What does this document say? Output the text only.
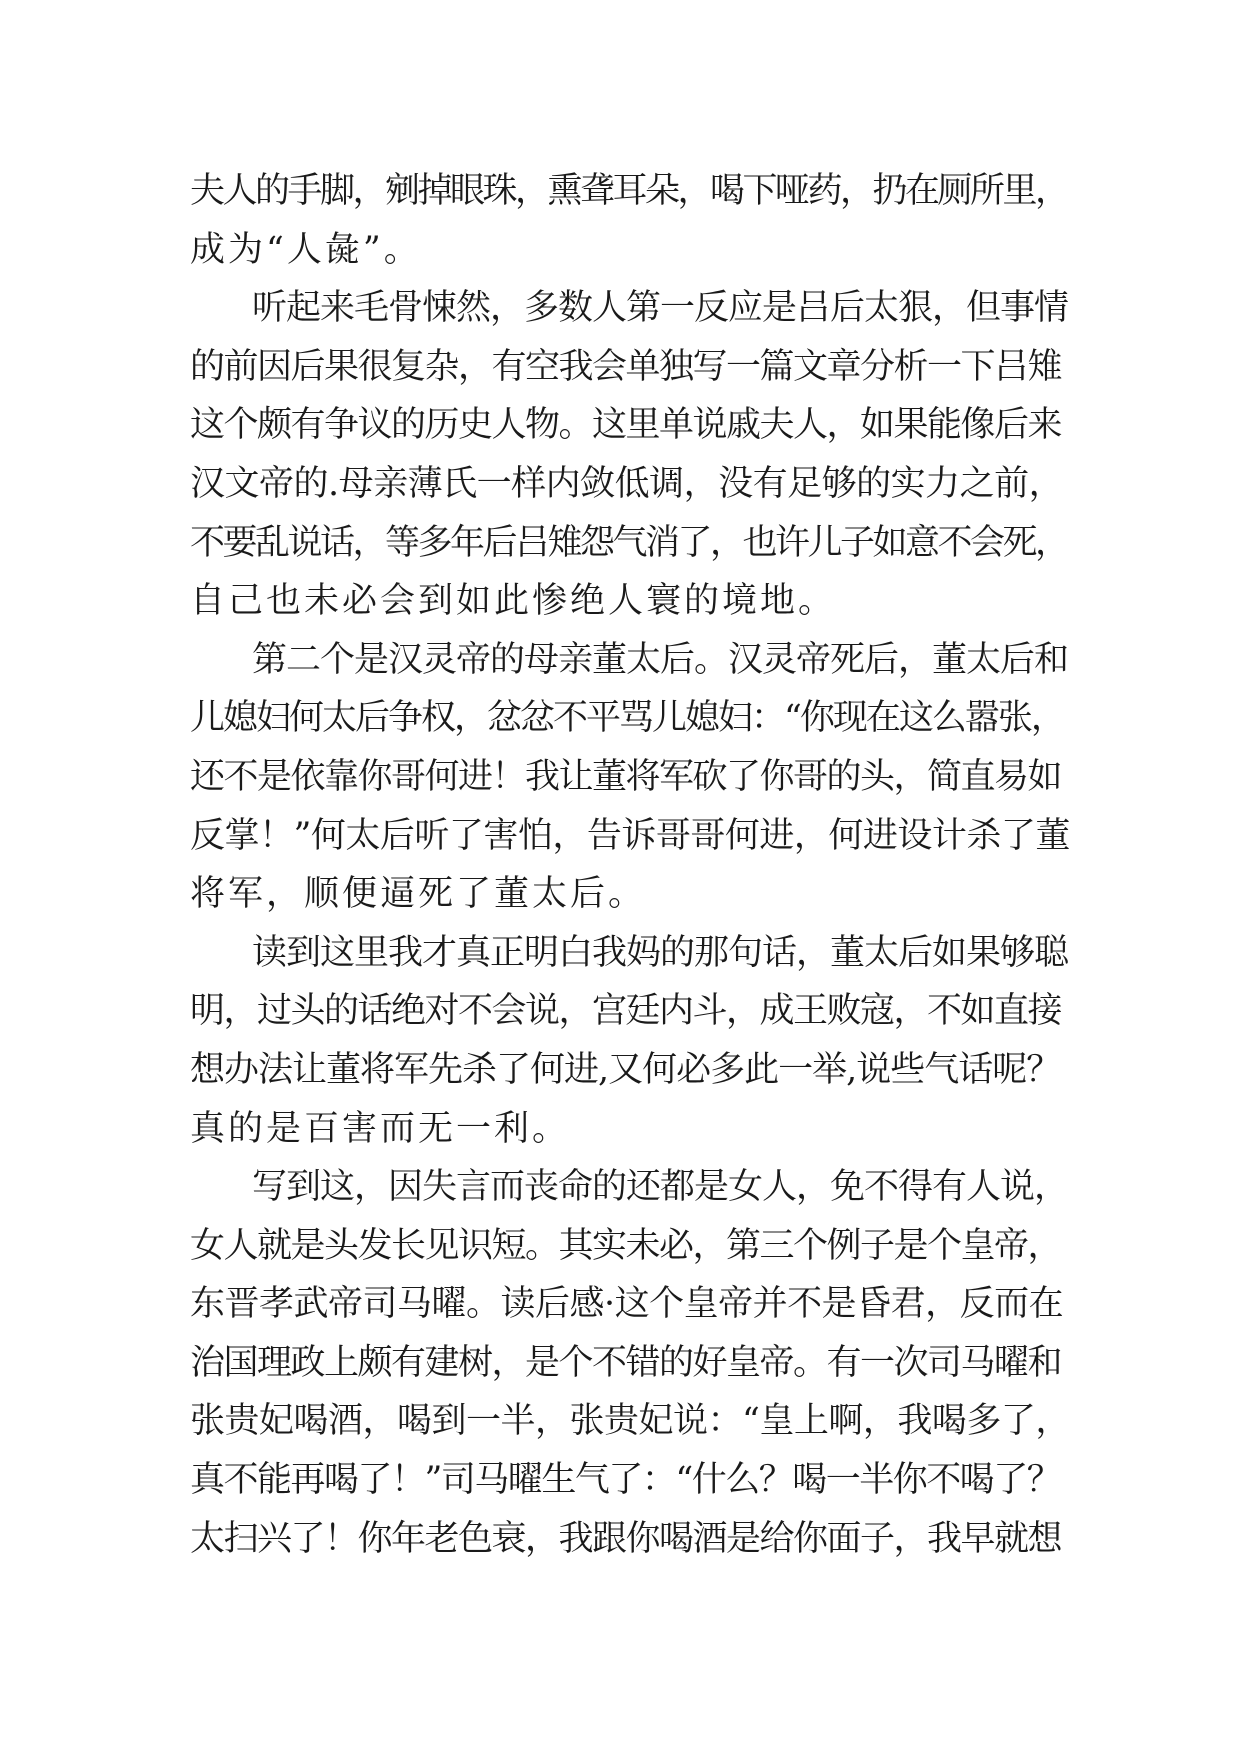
夫人的手脚，剜掉眼珠，熏聋耳朵，喝下哑药，扔在厕所里，
成为“人彘”。
听起来毛骨悚然，多数人第一反应是吕后太狠，但事情
的前因后果很复杂，有空我会单独写一篇文章分析一下吕雉
这个颇有争议的历史人物。这里单说戚夫人，如果能像后来
汉文帝的.母亲薄氏一样内敛低调，没有足够的实力之前，
不要乱说话，等多年后吕雉怨气消了，也许儿子如意不会死，
自己也未必会到如此惨绝人寰的境地。
第二个是汉灵帝的母亲董太后。汉灵帝死后，董太后和
儿媳妇何太后争权，忿忿不平骂儿媳妇：“你现在这么嚣张，
还不是依靠你哥何进！我让董将军砍了你哥的头，简直易如
反掌！”何太后听了害怕，告诉哥哥何进，何进设计杀了董
将军，顺便逼死了董太后。
读到这里我才真正明白我妈的那句话，董太后如果够聪
明，过头的话绝对不会说，宫廷内斗，成王败寇，不如直接
想办法让董将军先杀了何进,又何必多此一举,说些气话呢？
真的是百害而无一利。
写到这，因失言而丧命的还都是女人，免不得有人说，
女人就是头发长见识短。其实未必，第三个例子是个皇帝，
东晋孝武帝司马曜。读后感·这个皇帝并不是昏君，反而在
治国理政上颇有建树，是个不错的好皇帝。有一次司马曜和
张贵妃喝酒，喝到一半，张贵妃说：“皇上啊，我喝多了，
真不能再喝了！”司马曜生气了：“什么？喝一半你不喝了？
太扫兴了！你年老色衰，我跟你喝酒是给你面子，我早就想
